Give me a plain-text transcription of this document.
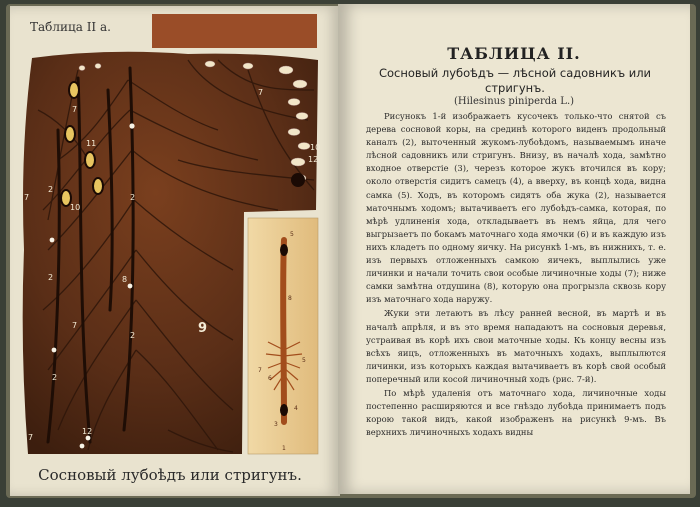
Таблица II а.
7
7
7
12
10
11
10
2
2
2
2
2
7
7
9
8
12
1
3
6
5
4
5
7
8
Сосновый лубоѣдъ или стригунъ.
ТАБЛИЦА II.
Сосновый лубоѣдъ — лѣсной садовникъ или стригунъ.
(Hilesinus piniperda L.)

Рисунокъ 1-й изображаетъ кусочекъ только-что снятой съ дерева сосновой коры, на срединѣ которого виденъ продольный каналъ (2), выточенный жукомъ-лубоѣдомъ, называемымъ иначе лѣсной садовникъ или стригунъ. Внизу, въ началѣ хода, замѣтно входное отверстіе (3), черезъ которое жукъ вточился въ кору; около отверстія сидитъ самецъ (4), а вверху, въ концѣ хода, видна самка (5). Ходъ, въ которомъ сидятъ оба жука (2), называется маточнымъ ходомъ; вытачиваетъ его лубоѣдъ-самка, которая, по мѣрѣ удлиненія хода, откладываетъ въ немъ яйца, для чего выгрызаетъ по бокамъ маточнаго хода ямочки (6) и въ каждую изъ нихъ кладетъ по одному яичку. На рисункѣ 1-мъ, въ нижнихъ, т. е. изъ первыхъ отложенныхъ самкою яичекъ, выплылись уже личинки и начали точить свои особые личиночные ходы (7); ниже самки замѣтна отдушина (8), которую она прогрызла сквозь кору изъ маточнаго хода наружу.

Жуки эти летаютъ въ лѣсу ранней весной, въ мартѣ и въ началѣ апрѣля, и въ это время нападаютъ на сосновыя деревья, устраивая въ корѣ ихъ свои маточные ходы. Къ концу весны изъ всѣхъ яицъ, отложенныхъ въ маточныхъ ходахъ, выплылются личинки, изъ которыхъ каждая вытачиваетъ въ корѣ свой особый поперечный или косой личиночный ходъ (рис. 7-й).

По мѣрѣ удаленія отъ маточнаго хода, личиночные ходы постепенно расширяются и все гнѣздо лубоѣда принимаетъ подъ корою такой видъ, какой изображенъ на рисункѣ 9-мъ. Въ верхнихъ личиночныхъ ходахъ видны
